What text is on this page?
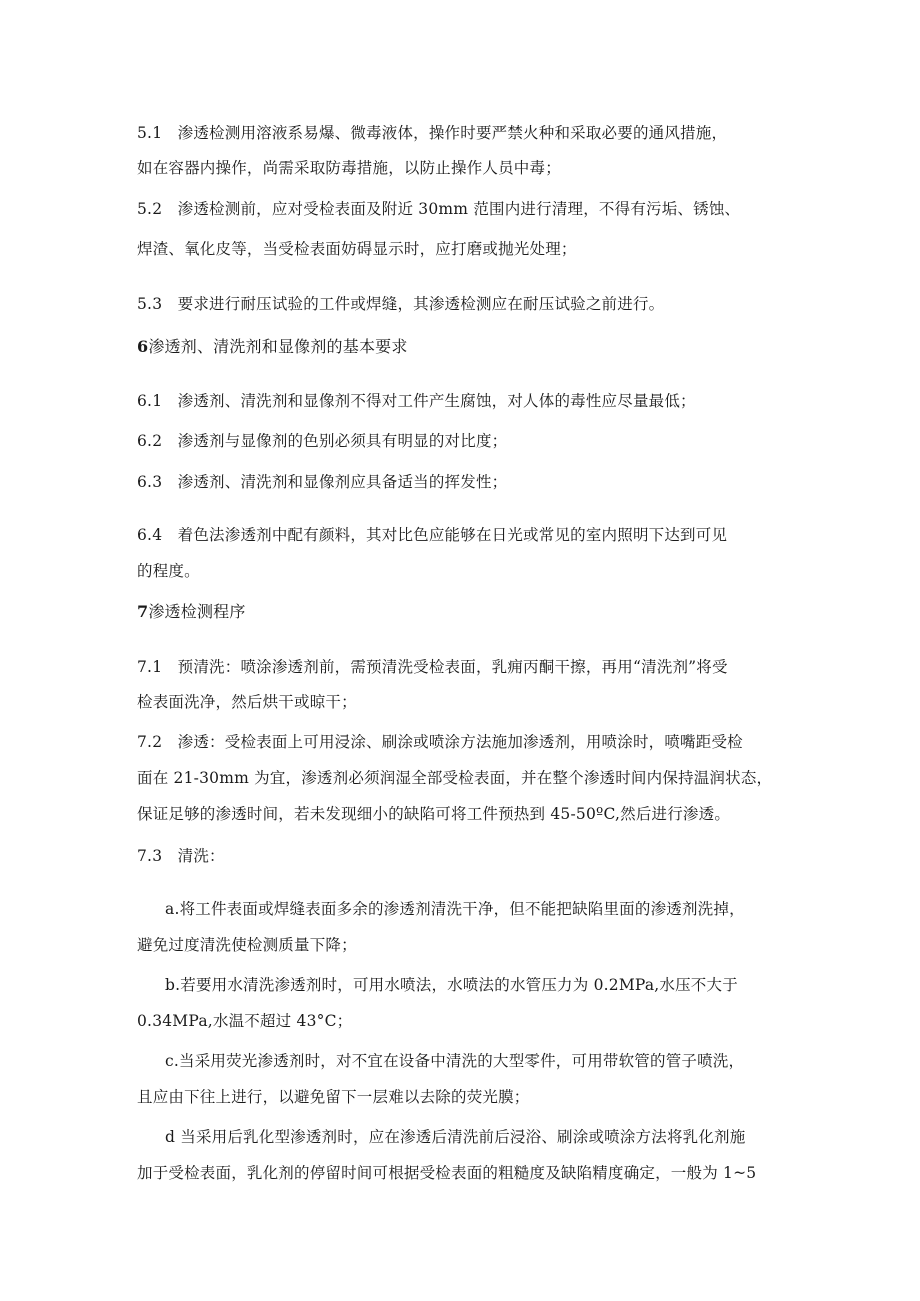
5.1 渗透检测用溶液系易爆、微毒液体，操作时要严禁火种和采取必要的通风措施，
如在容器内操作，尚需采取防毒措施，以防止操作人员中毒；
5.2 渗透检测前，应对受检表面及附近 30mm 范围内进行清理，不得有污垢、锈蚀、
焊渣、氧化皮等，当受检表面妨碍显示时，应打磨或抛光处理；
5.3 要求进行耐压试验的工件或焊缝，其渗透检测应在耐压试验之前进行。
6渗透剂、清洗剂和显像剂的基本要求
6.1 渗透剂、清洗剂和显像剂不得对工件产生腐蚀，对人体的毒性应尽量最低；
6.2 渗透剂与显像剂的色别必须具有明显的对比度；
6.3 渗透剂、清洗剂和显像剂应具备适当的挥发性；
6.4 着色法渗透剂中配有颜料，其对比色应能够在日光或常见的室内照明下达到可见
的程度。
7渗透检测程序
7.1 预清洗：喷涂渗透剂前，需预清洗受检表面，乳痈丙酮干擦，再用“清洗剂”将受
检表面洗净，然后烘干或晾干；
7.2 渗透：受检表面上可用浸涂、刷涂或喷涂方法施加渗透剂，用喷涂时，喷嘴距受检
面在 21-30mm 为宜，渗透剂必须润湿全部受检表面，并在整个渗透时间内保持温润状态，
保证足够的渗透时间，若未发现细小的缺陷可将工件预热到 45-50ºC,然后进行渗透。
7.3 清洗：
a.将工件表面或焊缝表面多余的渗透剂清洗干净，但不能把缺陷里面的渗透剂洗掉，
避免过度清洗使检测质量下降；
b.若要用水清洗渗透剂时，可用水喷法，水喷法的水管压力为 0.2MPa,水压不大于
0.34MPa,水温不超过 43°C；
c.当采用荧光渗透剂时，对不宜在设备中清洗的大型零件，可用带软管的管子喷洗，
且应由下往上进行，以避免留下一层难以去除的荧光膜；
d 当采用后乳化型渗透剂时，应在渗透后清洗前后浸浴、刷涂或喷涂方法将乳化剂施
加于受检表面，乳化剂的停留时间可根据受检表面的粗糙度及缺陷精度确定，一般为 1~5
